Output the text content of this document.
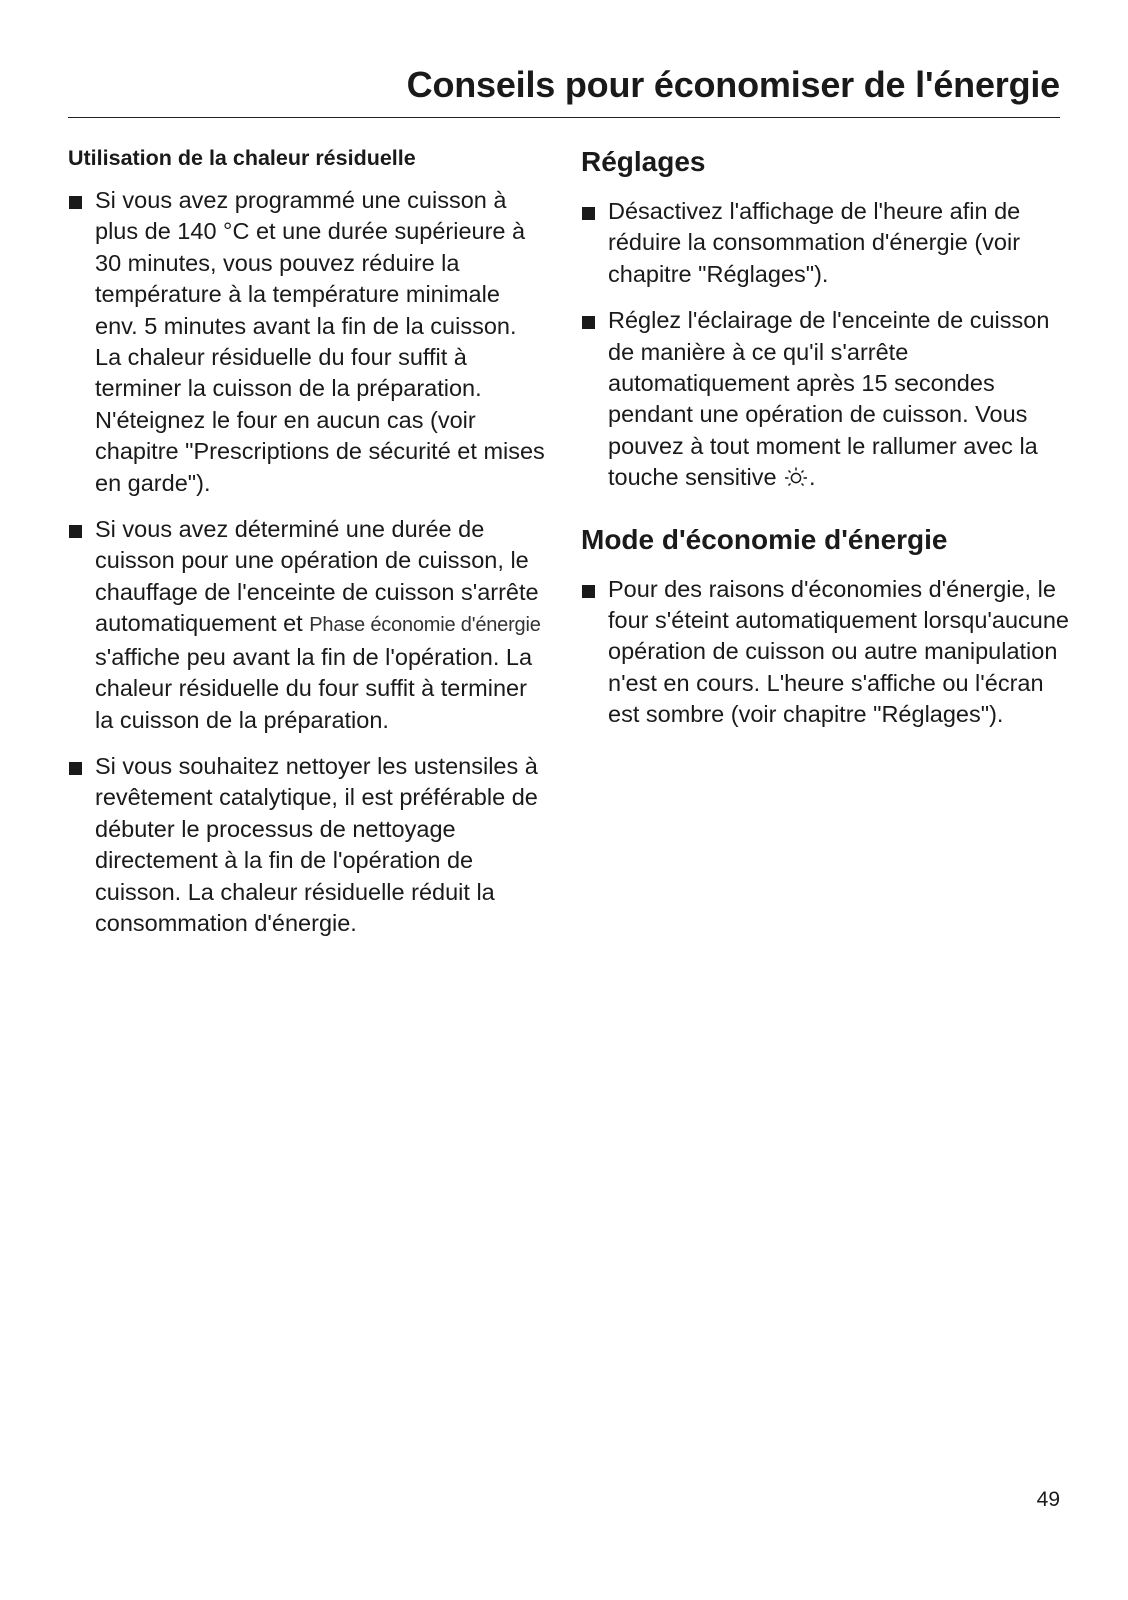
Conseils pour économiser de l'énergie
Utilisation de la chaleur résiduelle
Si vous avez programmé une cuisson à plus de 140 °C et une durée supérieure à 30 minutes, vous pouvez réduire la température à la température minimale env. 5 minutes avant la fin de la cuisson. La chaleur résiduelle du four suffit à terminer la cuisson de la préparation. N'éteignez le four en aucun cas (voir chapitre "Prescriptions de sécurité et mises en garde").
Si vous avez déterminé une durée de cuisson pour une opération de cuisson, le chauffage de l'enceinte de cuisson s'arrête automatiquement et Phase économie d'énergie s'affiche peu avant la fin de l'opération. La chaleur résiduelle du four suffit à terminer la cuisson de la préparation.
Si vous souhaitez nettoyer les ustensiles à revêtement catalytique, il est préférable de débuter le processus de nettoyage directement à la fin de l'opération de cuisson. La chaleur résiduelle réduit la consommation d'énergie.
Réglages
Désactivez l'affichage de l'heure afin de réduire la consommation d'énergie (voir chapitre "Réglages").
Réglez l'éclairage de l'enceinte de cuisson de manière à ce qu'il s'arrête automatiquement après 15 secondes pendant une opération de cuisson. Vous pouvez à tout moment le rallumer avec la touche sensitive .
Mode d'économie d'énergie
Pour des raisons d'économies d'énergie, le four s'éteint automatiquement lorsqu'aucune opération de cuisson ou autre manipulation n'est en cours. L'heure s'affiche ou l'écran est sombre (voir chapitre "Réglages").

49
